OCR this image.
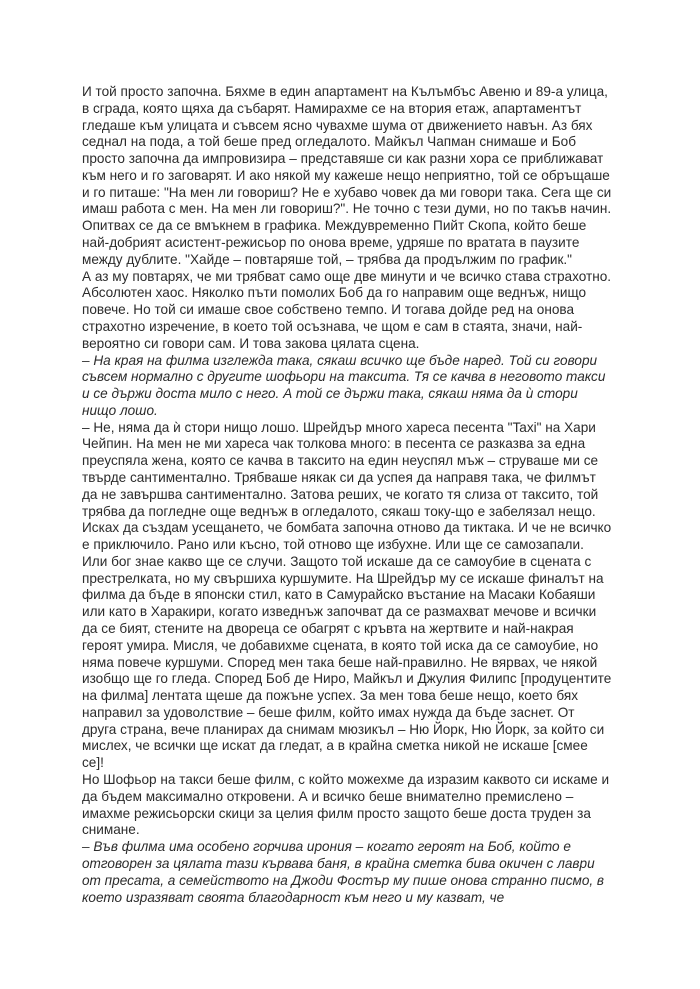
И той просто започна. Бяхме в един апартамент на Кълъмбъс Авеню и 89-а улица, в сграда, която щяха да събарят. Намирахме се на втория етаж, апартаментът гледаше към улицата и съвсем ясно чувахме шума от движението навън. Аз бях седнал на пода, а той беше пред огледалото. Майкъл Чапман снимаше и Боб просто започна да импровизира – представяше си как разни хора се приближават към него и го заговарят. И ако някой му кажеше нещо неприятно, той се обръщаше и го питаше: "На мен ли говориш? Не е хубаво човек да ми говори така. Сега ще си имаш работа с мен. На мен ли говориш?". Не точно с тези думи, но по такъв начин. Опитвах се да се вмъкнем в графика. Междувременно Пийт Скопа, който беше най-добрият асистент-режисьор по онова време, удряше по вратата в паузите между дублите. "Хайде – повтаряше той, – трябва да продължим по график."

А аз му повтарях, че ми трябват само още две минути и че всичко става страхотно. Абсолютен хаос. Няколко пъти помолих Боб да го направим още веднъж, нищо повече. Но той си имаше свое собствено темпо. И тогава дойде ред на онова страхотно изречение, в което той осъзнава, че щом е сам в стаята, значи, най-вероятно си говори сам. И това закова цялата сцена.

– На края на филма изглежда така, сякаш всичко ще бъде наред. Той си говори съвсем нормално с другите шофьори на таксита. Тя се качва в неговото такси и се държи доста мило с него. А той се държи така, сякаш няма да ѝ стори нищо лошо.

– Не, няма да ѝ стори нищо лошо. Шрейдър много хареса песента "Taxi" на Хари Чейпин. На мен не ми хареса чак толкова много: в песента се разказва за една преуспяла жена, която се качва в таксито на един неуспял мъж – струваше ми се твърде сантиментално. Трябваше някак си да успея да направя така, че филмът да не завършва сантиментално. Затова реших, че когато тя слиза от таксито, той трябва да погледне още веднъж в огледалото, сякаш току-що е забелязал нещо. Исках да създам усещането, че бомбата започна отново да тиктака. И че не всичко е приключило. Рано или късно, той отново ще избухне. Или ще се самозапали. Или бог знае какво ще се случи. Защото той искаше да се самоубие в сцената с престрелката, но му свършиха куршумите. На Шрейдър му се искаше финалът на филма да бъде в японски стил, като в Самурайско въстание на Масаки Кобаяши или като в Харакири, когато изведнъж започват да се размахват мечове и всички да се бият, стените на двореца се обагрят с кръвта на жертвите и най-накрая героят умира. Мисля, че добавихме сцената, в която той иска да се самоубие, но няма повече куршуми. Според мен така беше най-правилно. Не вярвах, че някой изобщо ще го гледа. Според Боб де Ниро, Майкъл и Джулия Филипс [продуцентите на филма] лентата щеше да пожъне успех. За мен това беше нещо, което бях направил за удоволствие – беше филм, който имах нужда да бъде заснет. От друга страна, вече планирах да снимам мюзикъл – Ню Йорк, Ню Йорк, за който си мислех, че всички ще искат да гледат, а в крайна сметка никой не искаше [смее се]!

Но Шофьор на такси беше филм, с който можехме да изразим каквото си искаме и да бъдем максимално откровени. А и всичко беше внимателно премислено – имахме режисьорски скици за целия филм просто защото беше доста труден за снимане.

– Във филма има особено горчива ирония – когато героят на Боб, който е отговорен за цялата тази кървава баня, в крайна сметка бива окичен с лаври от пресата, а семейството на Джоди Фостър му пише онова странно писмо, в което изразяват своята благодарност към него и му казват, че
